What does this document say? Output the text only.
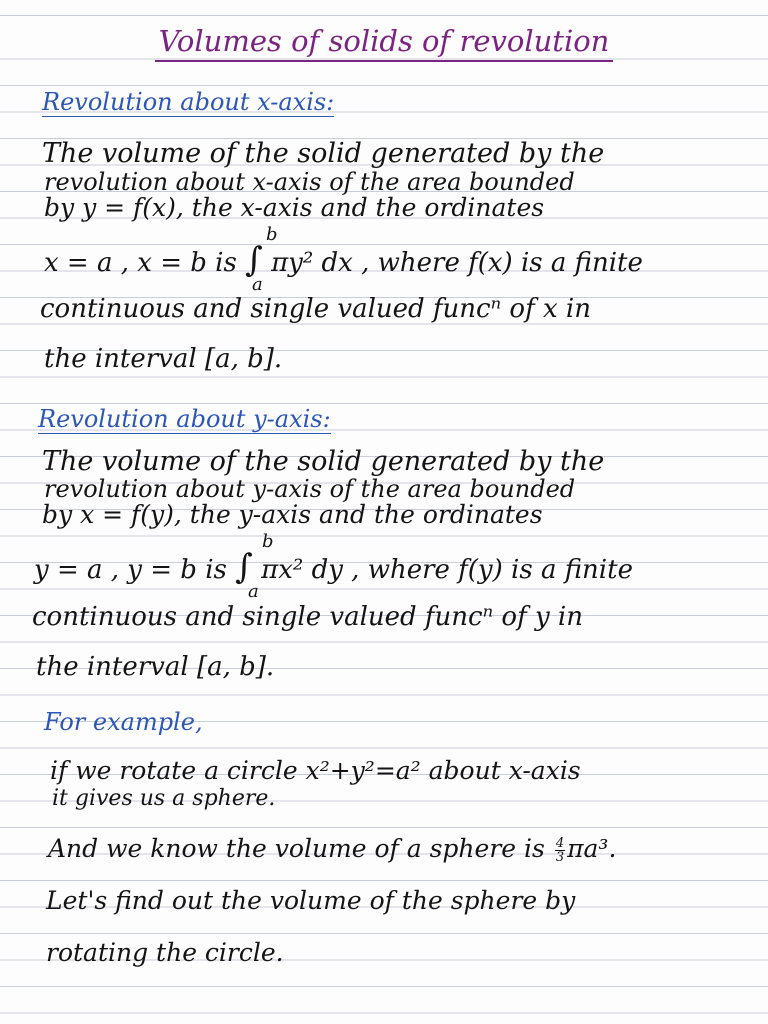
Volumes of solids of revolution
Revolution about x-axis:
The volume of the solid generated by the
revolution about x-axis of the area bounded
by y = f(x), the x-axis and the ordinates
x = a , x = b is ∫ πy² dx , where f(x) is a finite
b
a
continuous and single valued funcⁿ of x in
the interval [a, b].
Revolution about y-axis:
The volume of the solid generated by the
revolution about y-axis of the area bounded
by x = f(y), the y-axis and the ordinates
y = a , y = b is ∫ πx² dy , where f(y) is a finite
b
a
continuous and single valued funcⁿ of y in
the interval [a, b].
For example,
if we rotate a circle x²+y²=a² about x-axis
it gives us a sphere.
And we know the volume of a sphere is $\frac{4}{3} \pi a^3$.
Let's find out the volume of the sphere by
rotating the circle.
